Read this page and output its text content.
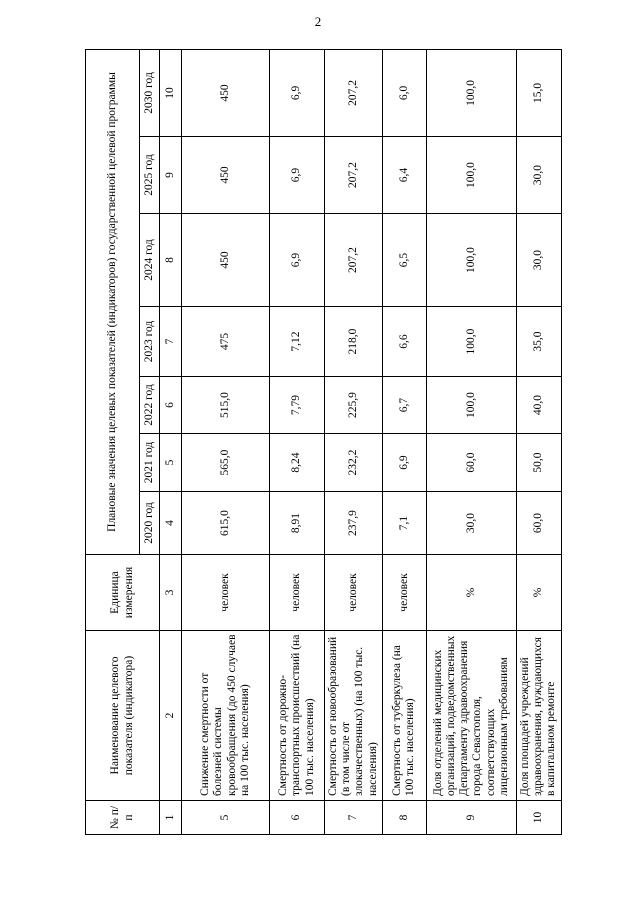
2
№ п/п	Наименование целевого показателя (индикатора)	Единица измерения	Плановые значения целевых показателей (индикаторов) государственной целевой программы						
			2020 год	2021 год	2022 год	2023 год	2024 год	2025 год	2030 год
1	2	3	4	5	6	7	8	9	10
5	Снижение смертности от болезней системы кровообращения (до 450 случаев на 100 тыс. населения)	человек	615,0	565,0	515,0	475	450	450	450
6	Смертность от дорожно-транспортных происшествий (на 100 тыс. населения)	человек	8,91	8,24	7,79	7,12	6,9	6,9	6,9
7	Смертность от новообразований (в том числе от злокачественных) (на 100 тыс. населения)	человек	237,9	232,2	225,9	218,0	207,2	207,2	207,2
8	Смертность от туберкулеза (на 100 тыс. населения)	человек	7,1	6,9	6,7	6,6	6,5	6,4	6,0
9	Доля отделений медицинских организаций, подведомственных Департаменту здравоохранения города Севастополя, соответствующих лицензионным требованиям	%	30,0	60,0	100,0	100,0	100,0	100,0	100,0
10	Доля площадей учреждений здравоохранения, нуждающихся в капитальном ремонте	%	60,0	50,0	40,0	35,0	30,0	30,0	15,0
